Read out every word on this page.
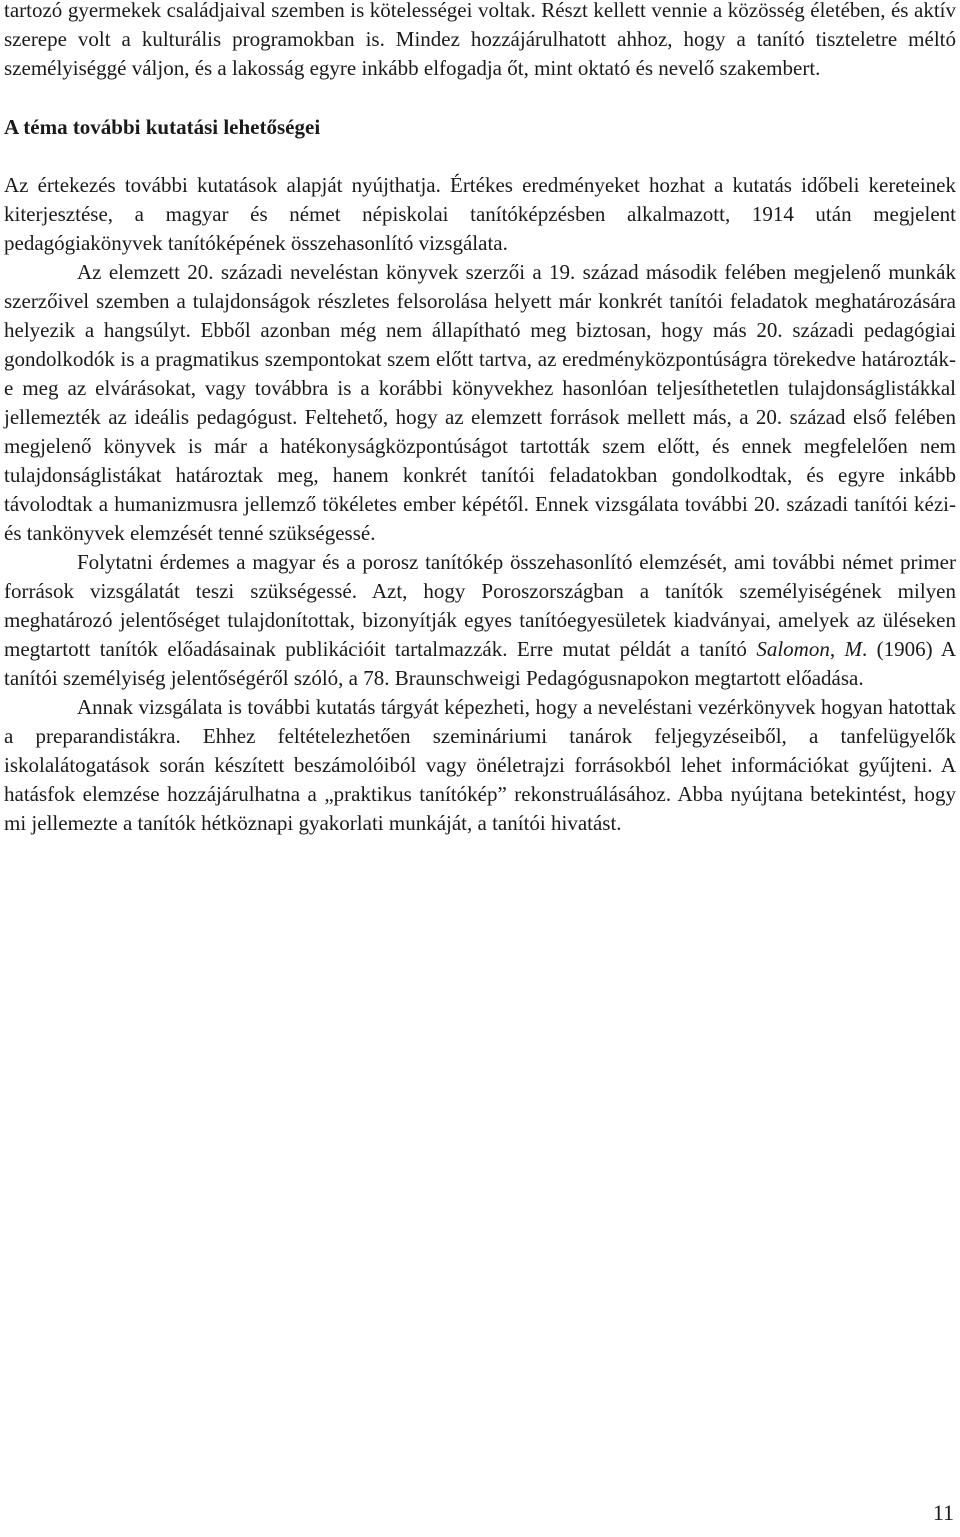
tartozó gyermekek családjaival szemben is kötelességei voltak. Részt kellett vennie a közösség életében, és aktív szerepe volt a kulturális programokban is. Mindez hozzájárulhatott ahhoz, hogy a tanító tiszteletre méltó személyiséggé váljon, és a lakosság egyre inkább elfogadja őt, mint oktató és nevelő szakembert.

A téma további kutatási lehetőségei

Az értekezés további kutatások alapját nyújthatja. Értékes eredményeket hozhat a kutatás időbeli kereteinek kiterjesztése, a magyar és német népiskolai tanítóképzésben alkalmazott, 1914 után megjelent pedagógiakönyvek tanítóképének összehasonlító vizsgálata.

Az elemzett 20. századi neveléstan könyvek szerzői a 19. század második felében megjelenő munkák szerzőivel szemben a tulajdonságok részletes felsorolása helyett már konkrét tanítói feladatok meghatározására helyezik a hangsúlyt. Ebből azonban még nem állapítható meg biztosan, hogy más 20. századi pedagógiai gondolkodók is a pragmatikus szempontokat szem előtt tartva, az eredményközpontúságra törekedve határozták-e meg az elvárásokat, vagy továbbra is a korábbi könyvekhez hasonlóan teljesíthetetlen tulajdonságlistákkal jellemezték az ideális pedagógust. Feltehető, hogy az elemzett források mellett más, a 20. század első felében megjelenő könyvek is már a hatékonyságközpontúságot tartották szem előtt, és ennek megfelelően nem tulajdonságlistákat határoztak meg, hanem konkrét tanítói feladatokban gondolkodtak, és egyre inkább távolodtak a humanizmusra jellemző tökéletes ember képétől. Ennek vizsgálata további 20. századi tanítói kézi- és tankönyvek elemzését tenné szükségessé.

Folytatni érdemes a magyar és a porosz tanítókép összehasonlító elemzését, ami további német primer források vizsgálatát teszi szükségessé. Azt, hogy Poroszországban a tanítók személyiségének milyen meghatározó jelentőséget tulajdonítottak, bizonyítják egyes tanítóegyesületek kiadványai, amelyek az üléseken megtartott tanítók előadásainak publikációit tartalmazzák. Erre mutat példát a tanító Salomon, M. (1906) A tanítói személyiség jelentőségéről szóló, a 78. Braunschweigi Pedagógusnapokon megtartott előadása.

Annak vizsgálata is további kutatás tárgyát képezheti, hogy a neveléstani vezérkönyvek hogyan hatottak a preparandistákra. Ehhez feltételezhetően szemináriumi tanárok feljegyzéseiből, a tanfelügyelők iskolalátogatások során készített beszámolóiból vagy önéletrajzi forrásokból lehet információkat gyűjteni. A hatásfok elemzése hozzájárulhatna a „praktikus tanítókép” rekonstruálásához. Abba nyújtana betekintést, hogy mi jellemezte a tanítók hétköznapi gyakorlati munkáját, a tanítói hivatást.

11
